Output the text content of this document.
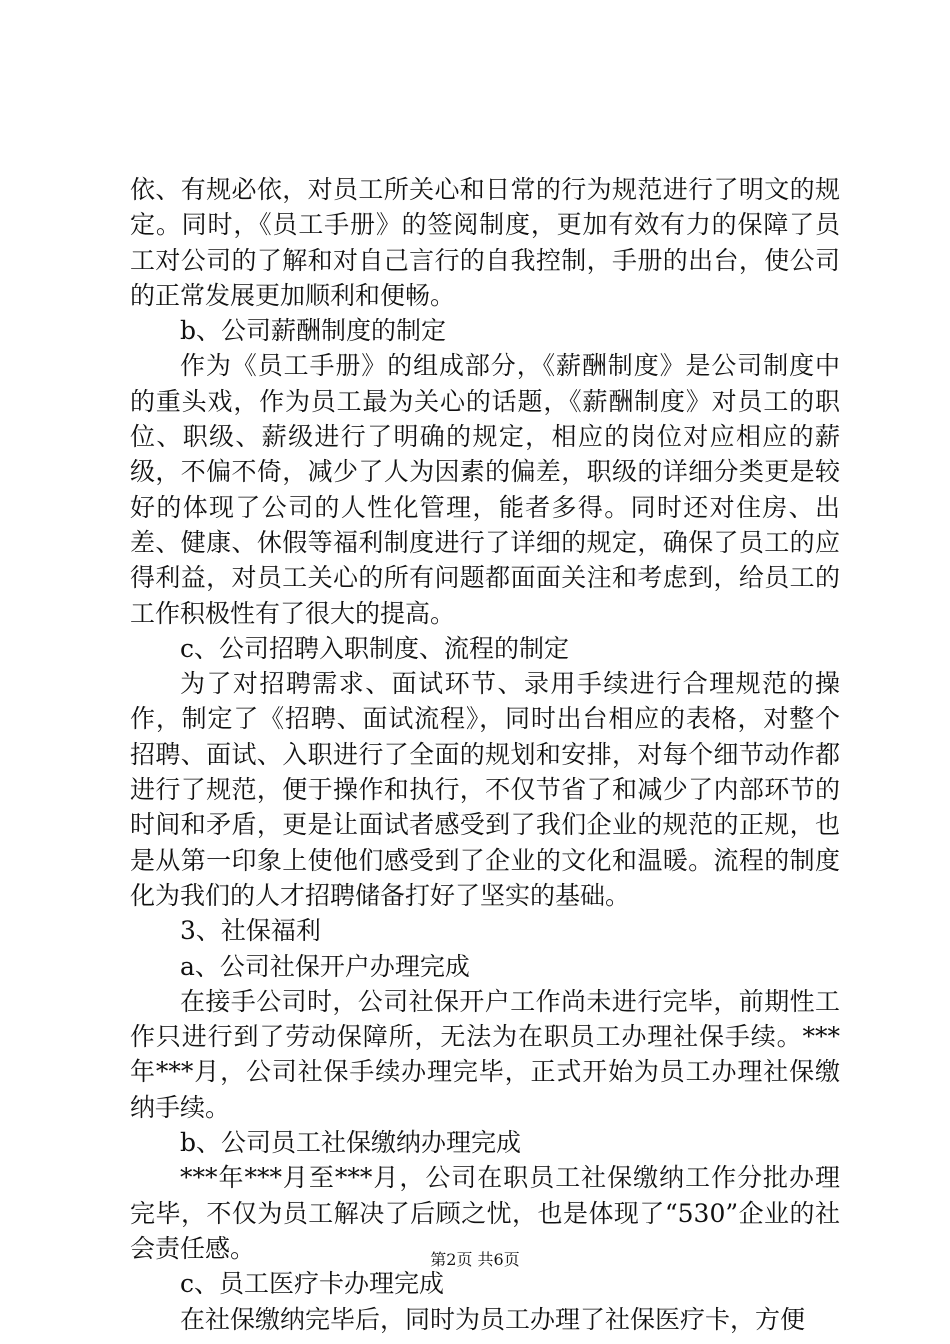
依、有规必依，对员工所关心和日常的行为规范进行了明文的规定。同时，《员工手册》的签阅制度，更加有效有力的保障了员工对公司的了解和对自己言行的自我控制，手册的出台，使公司的正常发展更加顺利和便畅。

b、公司薪酬制度的制定

作为《员工手册》的组成部分，《薪酬制度》是公司制度中的重头戏，作为员工最为关心的话题，《薪酬制度》对员工的职位、职级、薪级进行了明确的规定，相应的岗位对应相应的薪级，不偏不倚，减少了人为因素的偏差，职级的详细分类更是较好的体现了公司的人性化管理，能者多得。同时还对住房、出差、健康、休假等福利制度进行了详细的规定，确保了员工的应得利益，对员工关心的所有问题都面面关注和考虑到，给员工的工作积极性有了很大的提高。

c、公司招聘入职制度、流程的制定

为了对招聘需求、面试环节、录用手续进行合理规范的操作，制定了《招聘、面试流程》，同时出台相应的表格，对整个招聘、面试、入职进行了全面的规划和安排，对每个细节动作都进行了规范，便于操作和执行，不仅节省了和减少了内部环节的时间和矛盾，更是让面试者感受到了我们企业的规范的正规，也是从第一印象上使他们感受到了企业的文化和温暖。流程的制度化为我们的人才招聘储备打好了坚实的基础。

3、社保福利

a、公司社保开户办理完成

在接手公司时，公司社保开户工作尚未进行完毕，前期性工作只进行到了劳动保障所，无法为在职员工办理社保手续。***年***月，公司社保手续办理完毕，正式开始为员工办理社保缴纳手续。

b、公司员工社保缴纳办理完成

***年***月至***月，公司在职员工社保缴纳工作分批办理完毕，不仅为员工解决了后顾之忧，也是体现了“530”企业的社会责任感。

c、员工医疗卡办理完成

在社保缴纳完毕后，同时为员工办理了社保医疗卡，方便

第2页 共6页
